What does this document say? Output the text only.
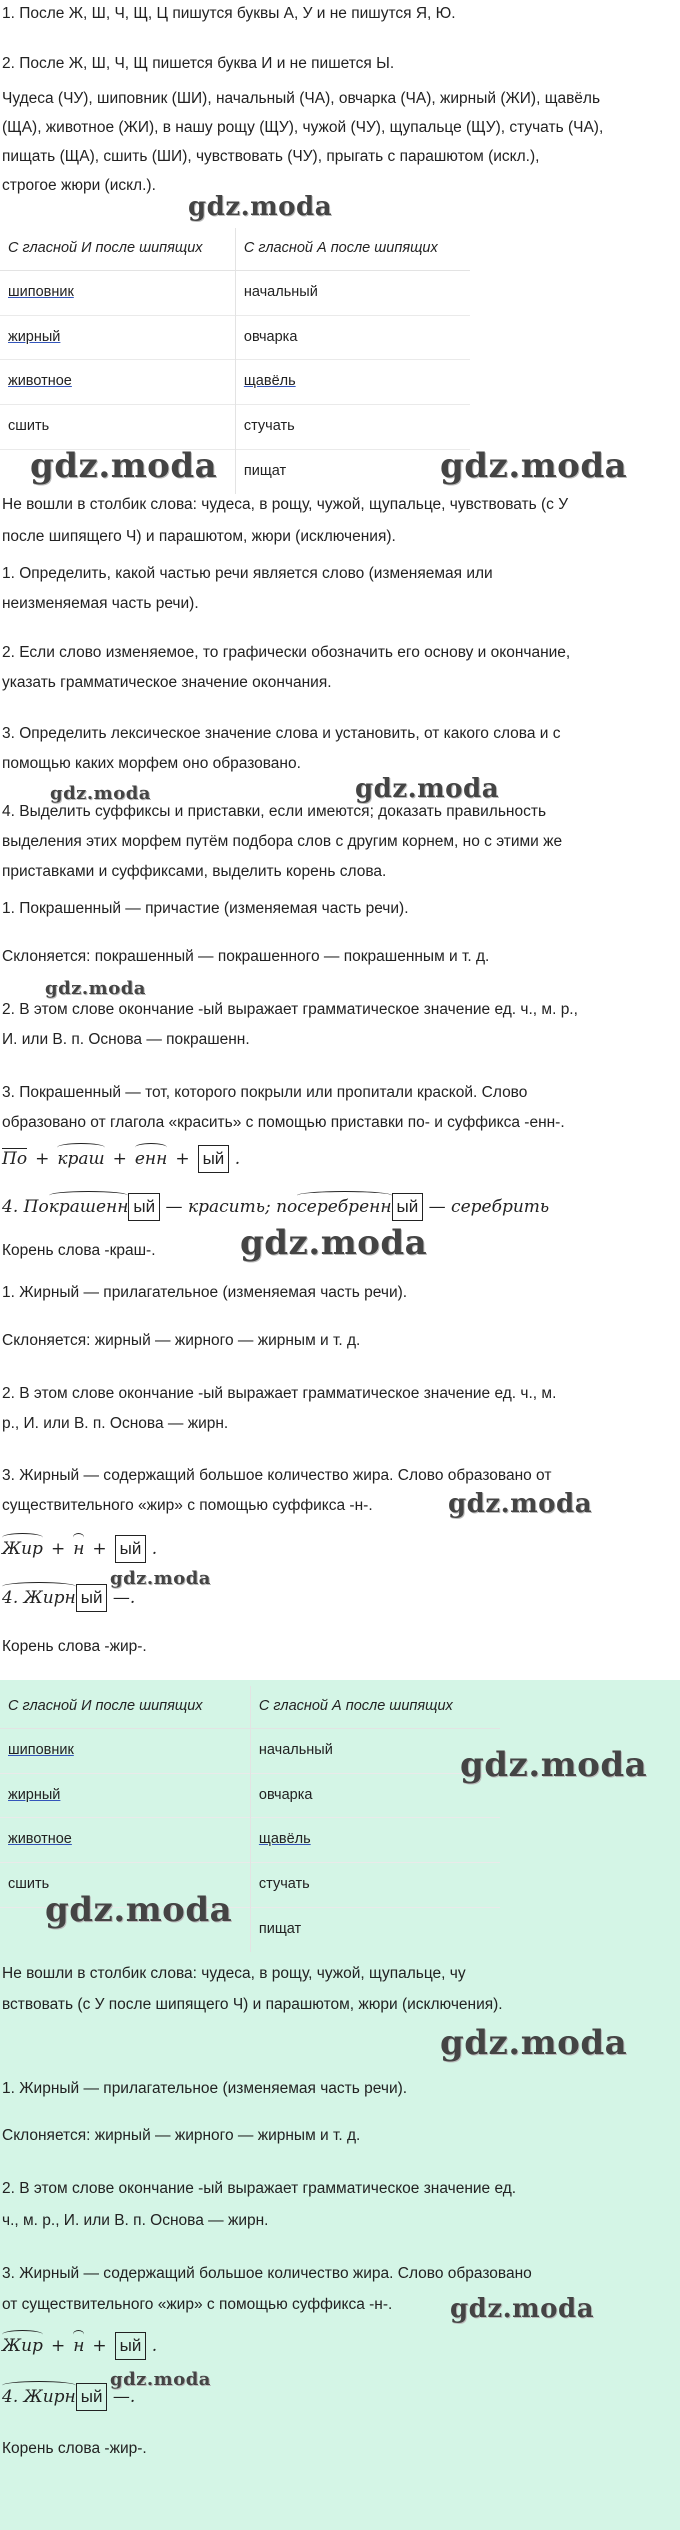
1. После Ж, Ш, Ч, Щ, Ц пишутся буквы А, У и не пишутся Я, Ю.

2. После Ж, Ш, Ч, Щ пишется буква И и не пишется Ы.

Чудеса (ЧУ), шиповник (ШИ), начальный (ЧА), овчарка (ЧА), жирный (ЖИ), щавёль

(ЩА), животное (ЖИ), в нашу рощу (ЩУ), чужой (ЧУ), щупальце (ЩУ), стучать (ЧА),

пищать (ЩА), сшить (ШИ), чувствовать (ЧУ), прыгать с парашютом (искл.),

строгое жюри (искл.).

С гласной И после шипящих	С гласной А после шипящих
шиповник	начальный
жирный	овчарка
животное	щавёль
сшить	стучать
	пищат

Не вошли в столбик слова: чудеса, в рощу, чужой, щупальце, чувствовать (с У

после шипящего Ч) и парашютом, жюри (исключения).

1. Определить, какой частью речи является слово (изменяемая или

неизменяемая часть речи).

2. Если слово изменяемое, то графически обозначить его основу и окончание,

указать грамматическое значение окончания.

3. Определить лексическое значение слова и установить, от какого слова и с

помощью каких морфем оно образовано.

4. Выделить суффиксы и приставки, если имеются; доказать правильность

выделения этих морфем путём подбора слов с другим корнем, но с этими же

приставками и суффиксами, выделить корень слова.

1. Покрашенный — причастие (изменяемая часть речи).

Склоняется: покрашенный — покрашенного — покрашенным и т. д.

2. В этом слове окончание -ый выражает грамматическое значение ед. ч., м. р.,

И. или В. п. Основа — покрашенн.

3. Покрашенный — тот, которого покрыли или пропитали краской. Слово

образовано от глагола «красить» с помощью приставки по- и суффикса -енн-.

По + краш + енн + ый .
4. Покрашенн ый — красить; посеребренн ый — серебрить

Корень слова -краш-.

1. Жирный — прилагательное (изменяемая часть речи).

Склоняется: жирный — жирного — жирным и т. д.

2. В этом слове окончание -ый выражает грамматическое значение ед. ч., м.

р., И. или В. п. Основа — жирн.

3. Жирный — содержащий большое количество жира. Слово образовано от

существительного «жир» с помощью суффикса -н-.

Жир + н + ый .
4. Жирн ый —.

Корень слова -жир-.

С гласной И после шипящих	С гласной А после шипящих
шиповник	начальный
жирный	овчарка
животное	щавёль
сшить	стучать
	пищат

Не вошли в столбик слова: чудеса, в рощу, чужой, щупальце, чу

вствовать (с У после шипящего Ч) и парашютом, жюри (исключения).

1. Жирный — прилагательное (изменяемая часть речи).

Склоняется: жирный — жирного — жирным и т. д.

2. В этом слове окончание -ый выражает грамматическое значение ед.

ч., м. р., И. или В. п. Основа — жирн.

3. Жирный — содержащий большое количество жира. Слово образовано

от существительного «жир» с помощью суффикса -н-.

Жир + н + ый .
4. Жирн ый —.

Корень слова -жир-.

gdz.moda
gdz.moda	gdz.moda
gdz.moda
gdz.moda
gdz.moda
gdz.moda
gdz.moda
gdz.moda
gdz.moda
gdz.moda
gdz.moda
gdz.moda
gdz.moda
